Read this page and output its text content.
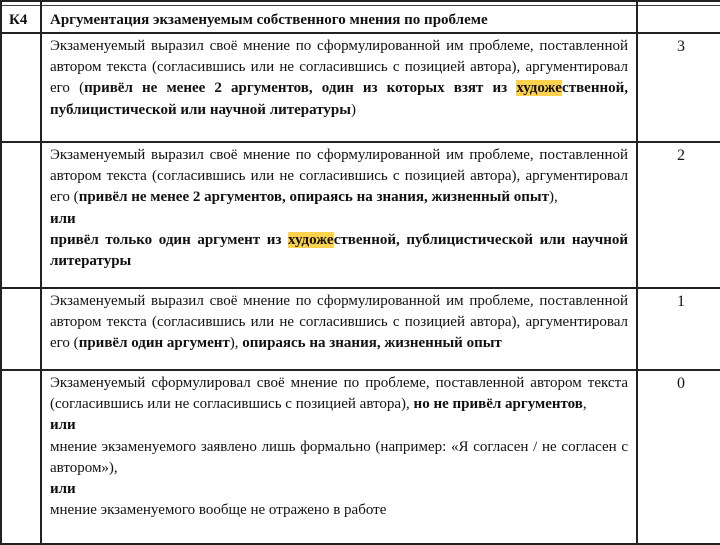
К4	Аргументация экзаменуемым собственного мнения по проблеме	

	Экзаменуемый выразил своё мнение по сформулированной им проблеме, поставленной автором текста (согласившись или не согласившись с позицией автора), аргументировал его (привёл не менее 2 аргументов, один из которых взят из художественной, публицистической или научной литературы)	3

	Экзаменуемый выразил своё мнение по сформулированной им проблеме, поставленной автором текста (согласившись или не согласившись с позицией автора), аргументировал его (привёл не менее 2 аргументов, опираясь на знания, жизненный опыт),
или
привёл только один аргумент из художественной, публицистической или научной литературы	2

	Экзаменуемый выразил своё мнение по сформулированной им проблеме, поставленной автором текста (согласившись или не согласившись с позицией автора), аргументировал его (привёл один аргумент), опираясь на знания, жизненный опыт	1

	Экзаменуемый сформулировал своё мнение по проблеме, поставленной автором текста (согласившись или не согласившись с позицией автора), но не привёл аргументов,
или
мнение экзаменуемого заявлено лишь формально (например: «Я согласен / не согласен с автором»),
или
мнение экзаменуемого вообще не отражено в работе	0
